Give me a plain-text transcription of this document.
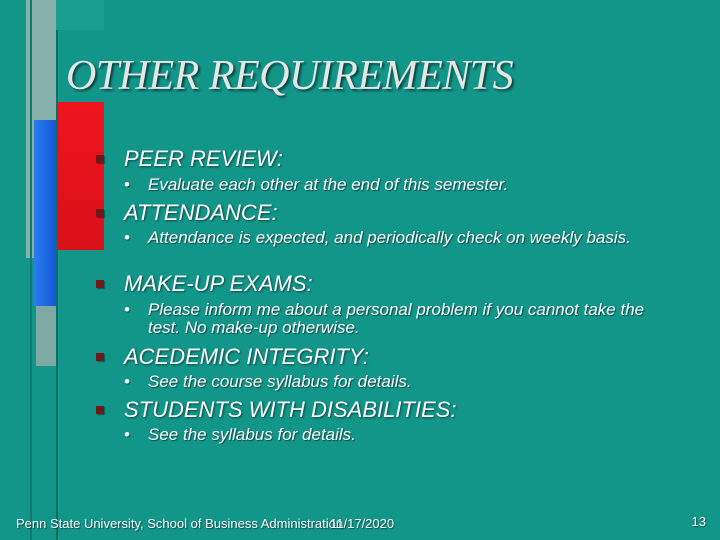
OTHER REQUIREMENTS
PEER REVIEW:
•	Evaluate each other at the end of this semester.
ATTENDANCE:
•	Attendance is expected, and periodically check on weekly basis.
MAKE-UP EXAMS:
•	Please inform me about a personal problem if you cannot take the test. No make-up otherwise.
ACEDEMIC INTEGRITY:
•	See the course syllabus for details.
STUDENTS WITH DISABILITIES:
•	See the syllabus for details.
Penn State University, School of Business Administration
11/17/2020	13
